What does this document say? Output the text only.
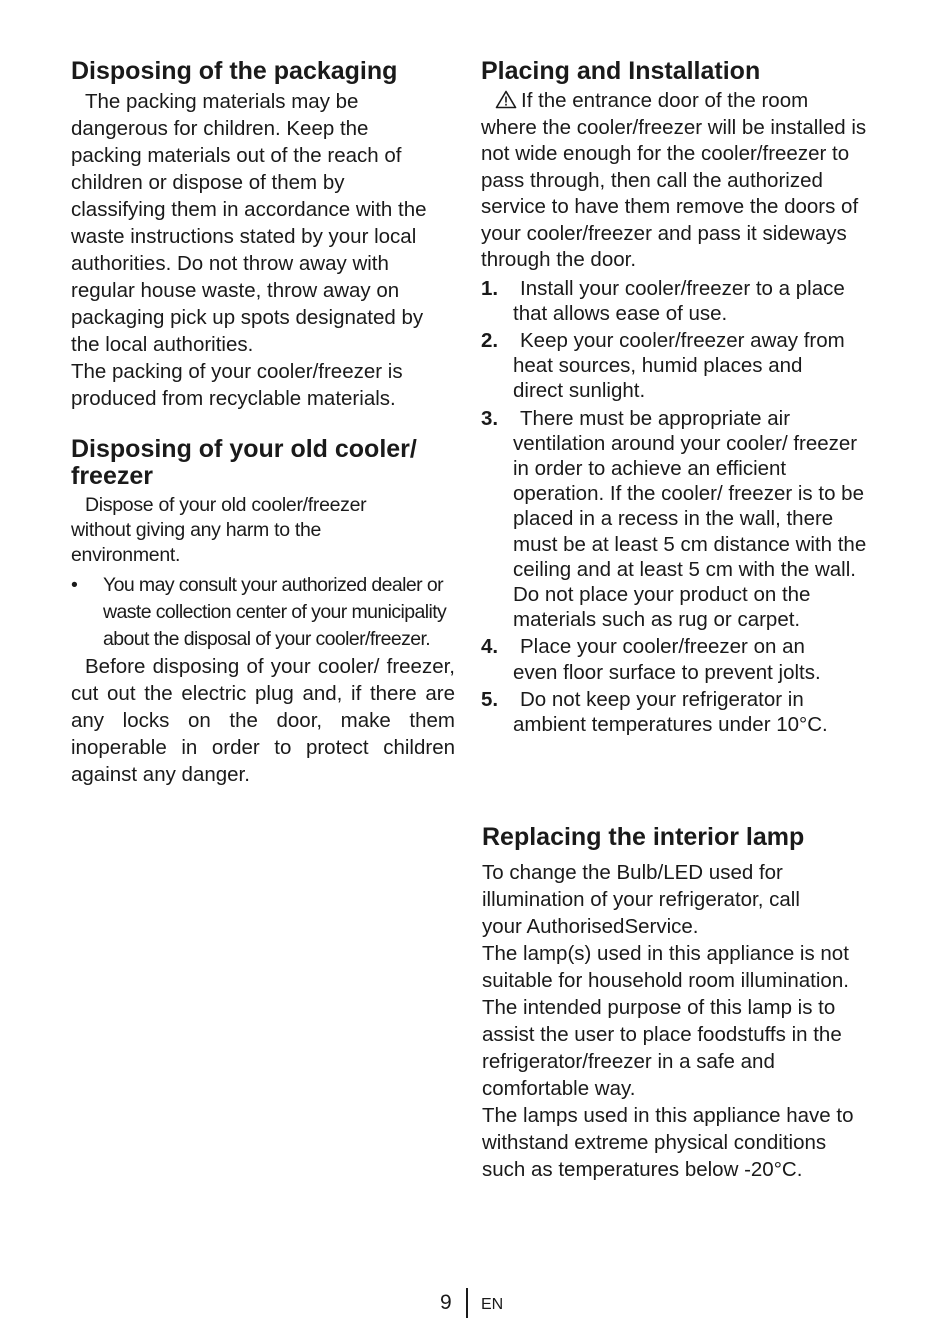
Disposing of the packaging

The packing materials may be dangerous for children. Keep the packing materials out of the reach of children or dispose of them by classifying them in accordance with the waste instructions stated by your local authorities. Do not throw away with regular house waste, throw away on packaging pick up spots designated by the local authorities.

The packing of your cooler/freezer is produced from recyclable materials.

Disposing of your old cooler/ freezer

Dispose of your old cooler/freezer without giving any harm to the environment.

• You may consult your authorized dealer or waste collection center of your municipality about the disposal of your cooler/freezer.

Before disposing of your cooler/ freezer, cut out the electric plug and, if there are any locks on the door, make them inoperable in order to protect children against any danger.

Placing and Installation

If the entrance door of the room where the cooler/freezer will be installed is not wide enough for the cooler/freezer to pass through, then call the authorized service to have them remove the doors of your cooler/freezer and pass it sideways through the door.

1.	Install your cooler/freezer to a place that allows ease of use.
2.	Keep your cooler/freezer away from heat sources, humid places and direct sunlight.
3.	There must be appropriate air ventilation around your cooler/ freezer in order to achieve an efficient operation. If the cooler/ freezer is to be placed in a recess in the wall, there must be at least 5 cm distance with the ceiling and at least 5 cm with the wall. Do not place your product on the materials such as rug or carpet.
4.	Place your cooler/freezer on an even floor surface to prevent jolts.
5.	Do not keep your refrigerator in ambient temperatures under 10°C.
Replacing the interior lamp

To change the Bulb/LED used for illumination of your refrigerator, call your AuthorisedService.

The lamp(s) used in this appliance is not suitable for household room illumination. The intended purpose of this lamp is to assist the user to place foodstuffs in the refrigerator/freezer in a safe and comfortable way.

The lamps used in this appliance have to withstand extreme physical conditions such as temperatures below -20°C.

9 EN
